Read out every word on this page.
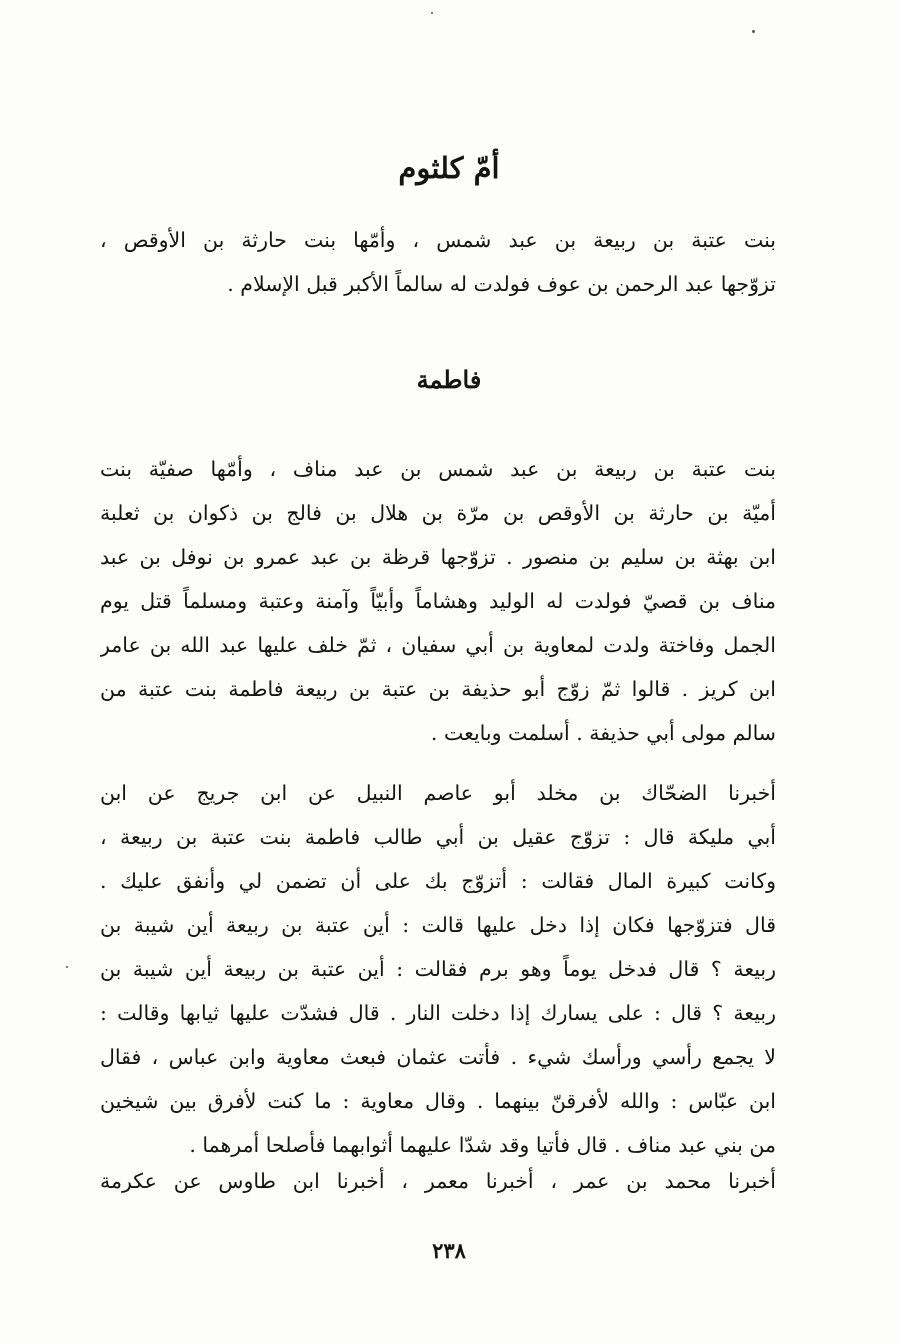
أمّ كلثوم
بنت عتبة بن ربيعة بن عبد شمس ، وأمّها بنت حارثة بن الأوقص ،
تزوّجها عبد الرحمن بن عوف فولدت له سالماً الأكبر قبل الإسلام .
فاطمة
بنت عتبة بن ربيعة بن عبد شمس بن عبد مناف ، وأمّها صفيّة بنت
أميّة بن حارثة بن الأوقص بن مرّة بن هلال بن فالج بن ذكوان بن ثعلبة
ابن بهثة بن سليم بن منصور . تزوّجها قرظة بن عبد عمرو بن نوفل بن عبد
مناف بن قصيّ فولدت له الوليد وهشاماً وأبيّاً وآمنة وعتبة ومسلماً قتل يوم
الجمل وفاختة ولدت لمعاوية بن أبي سفيان ، ثمّ خلف عليها عبد الله بن عامر
ابن كريز . قالوا ثمّ زوّج أبو حذيفة بن عتبة بن ربيعة فاطمة بنت عتبة من
سالم مولى أبي حذيفة . أسلمت وبايعت .
أخبرنا الضحّاك بن مخلد أبو عاصم النبيل عن ابن جريج عن ابن
أبي مليكة قال : تزوّج عقيل بن أبي طالب فاطمة بنت عتبة بن ربيعة ،
وكانت كبيرة المال فقالت : أتزوّج بك على أن تضمن لي وأنفق عليك .
قال فتزوّجها فكان إذا دخل عليها قالت : أين عتبة بن ربيعة أين شيبة بن
ربيعة ؟ قال فدخل يوماً وهو برم فقالت : أين عتبة بن ربيعة أين شيبة بن
ربيعة ؟ قال : على يسارك إذا دخلت النار . قال فشدّت عليها ثيابها وقالت :
لا يجمع رأسي ورأسك شيء . فأتت عثمان فبعث معاوية وابن عباس ، فقال
ابن عبّاس : والله لأفرقنّ بينهما . وقال معاوية : ما كنت لأفرق بين شيخين
من بني عبد مناف . قال فأتيا وقد شدّا عليهما أثوابهما فأصلحا أمرهما .
أخبرنا محمد بن عمر ، أخبرنا معمر ، أخبرنا ابن طاوس عن عكرمة
٢٣٨
